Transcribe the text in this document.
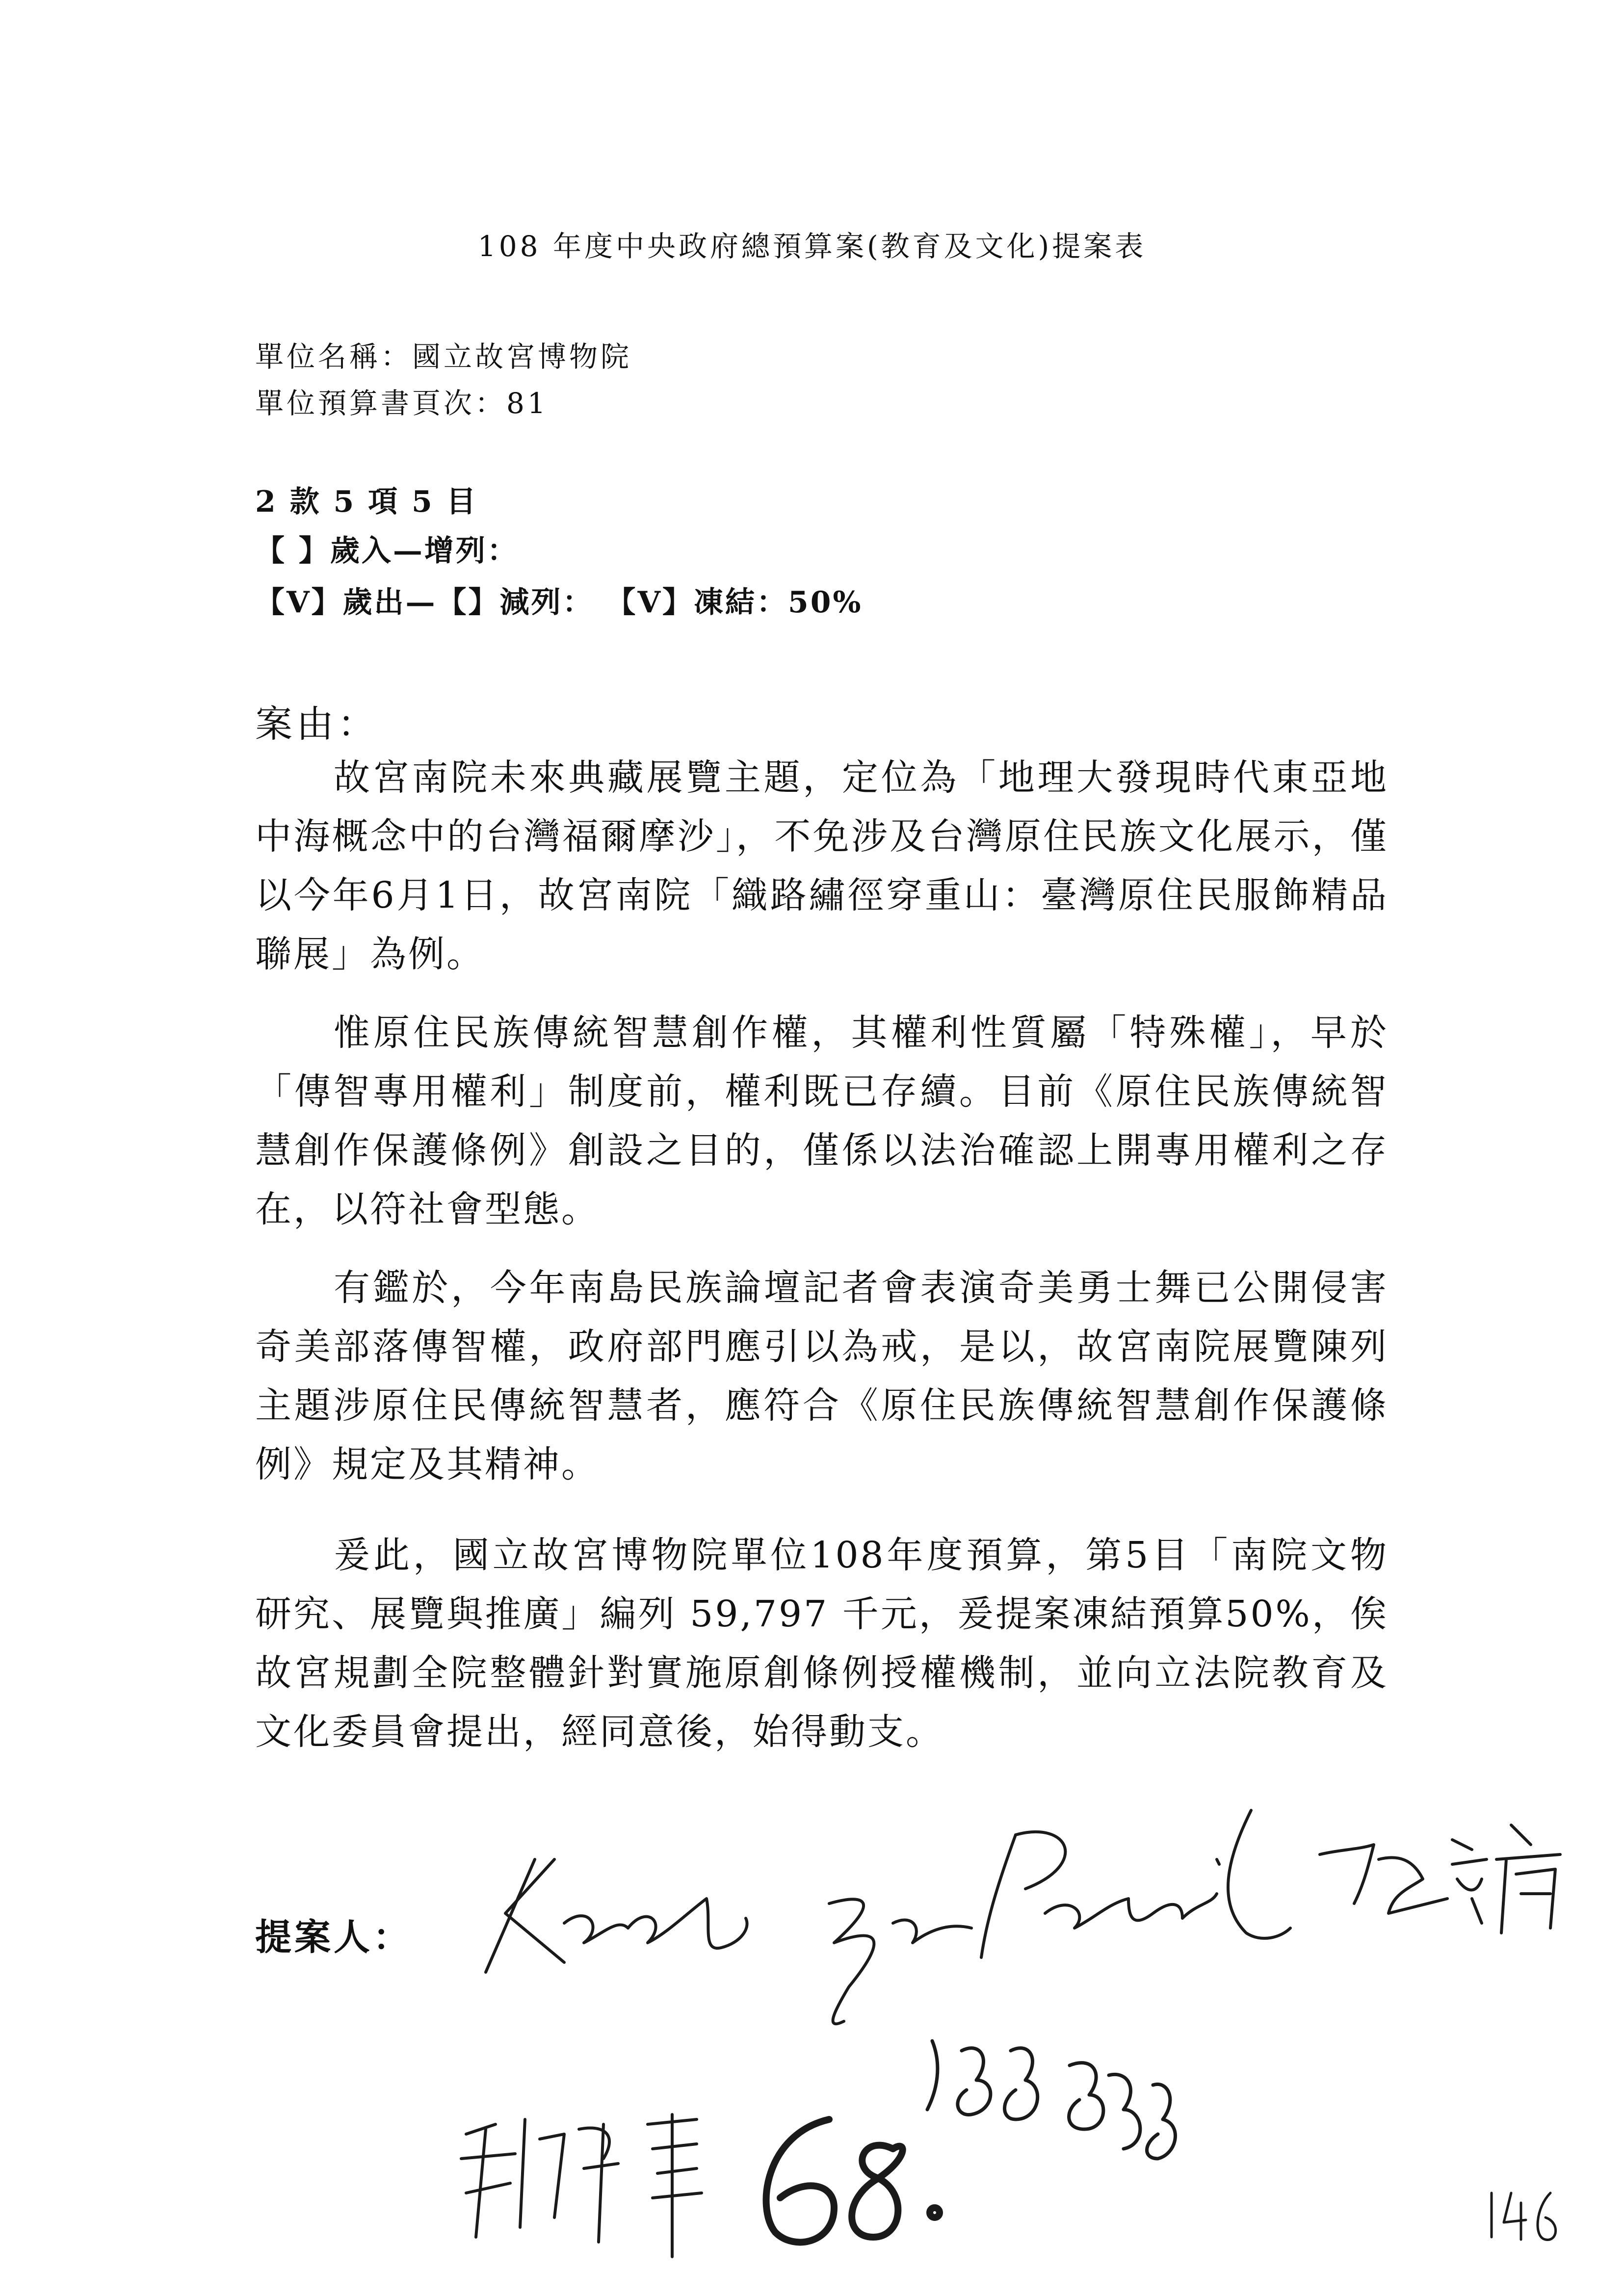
108 年度中央政府總預算案(教育及文化)提案表
單位名稱：國立故宮博物院
單位預算書頁次：81
2 款 5 項 5 目
【 】歲入—增列：
【V】歲出—【】減列： 【V】凍結：50%
案由：

故宮南院未來典藏展覽主題，定位為「地理大發現時代東亞地中海概念中的台灣福爾摩沙」，不免涉及台灣原住民族文化展示，僅以今年6月1日，故宮南院「織路繡徑穿重山：臺灣原住民服飾精品聯展」為例。

惟原住民族傳統智慧創作權，其權利性質屬「特殊權」，早於「傳智專用權利」制度前，權利既已存續。目前《原住民族傳統智慧創作保護條例》創設之目的，僅係以法治確認上開專用權利之存在，以符社會型態。

有鑑於，今年南島民族論壇記者會表演奇美勇士舞已公開侵害奇美部落傳智權，政府部門應引以為戒，是以，故宮南院展覽陳列主題涉原住民傳統智慧者，應符合《原住民族傳統智慧創作保護條例》規定及其精神。

爰此，國立故宮博物院單位108年度預算，第5目「南院文物研究、展覽與推廣」編列 59,797 千元，爰提案凍結預算50%，俟故宮規劃全院整體針對實施原創條例授權機制，並向立法院教育及文化委員會提出，經同意後，始得動支。

提案人：
